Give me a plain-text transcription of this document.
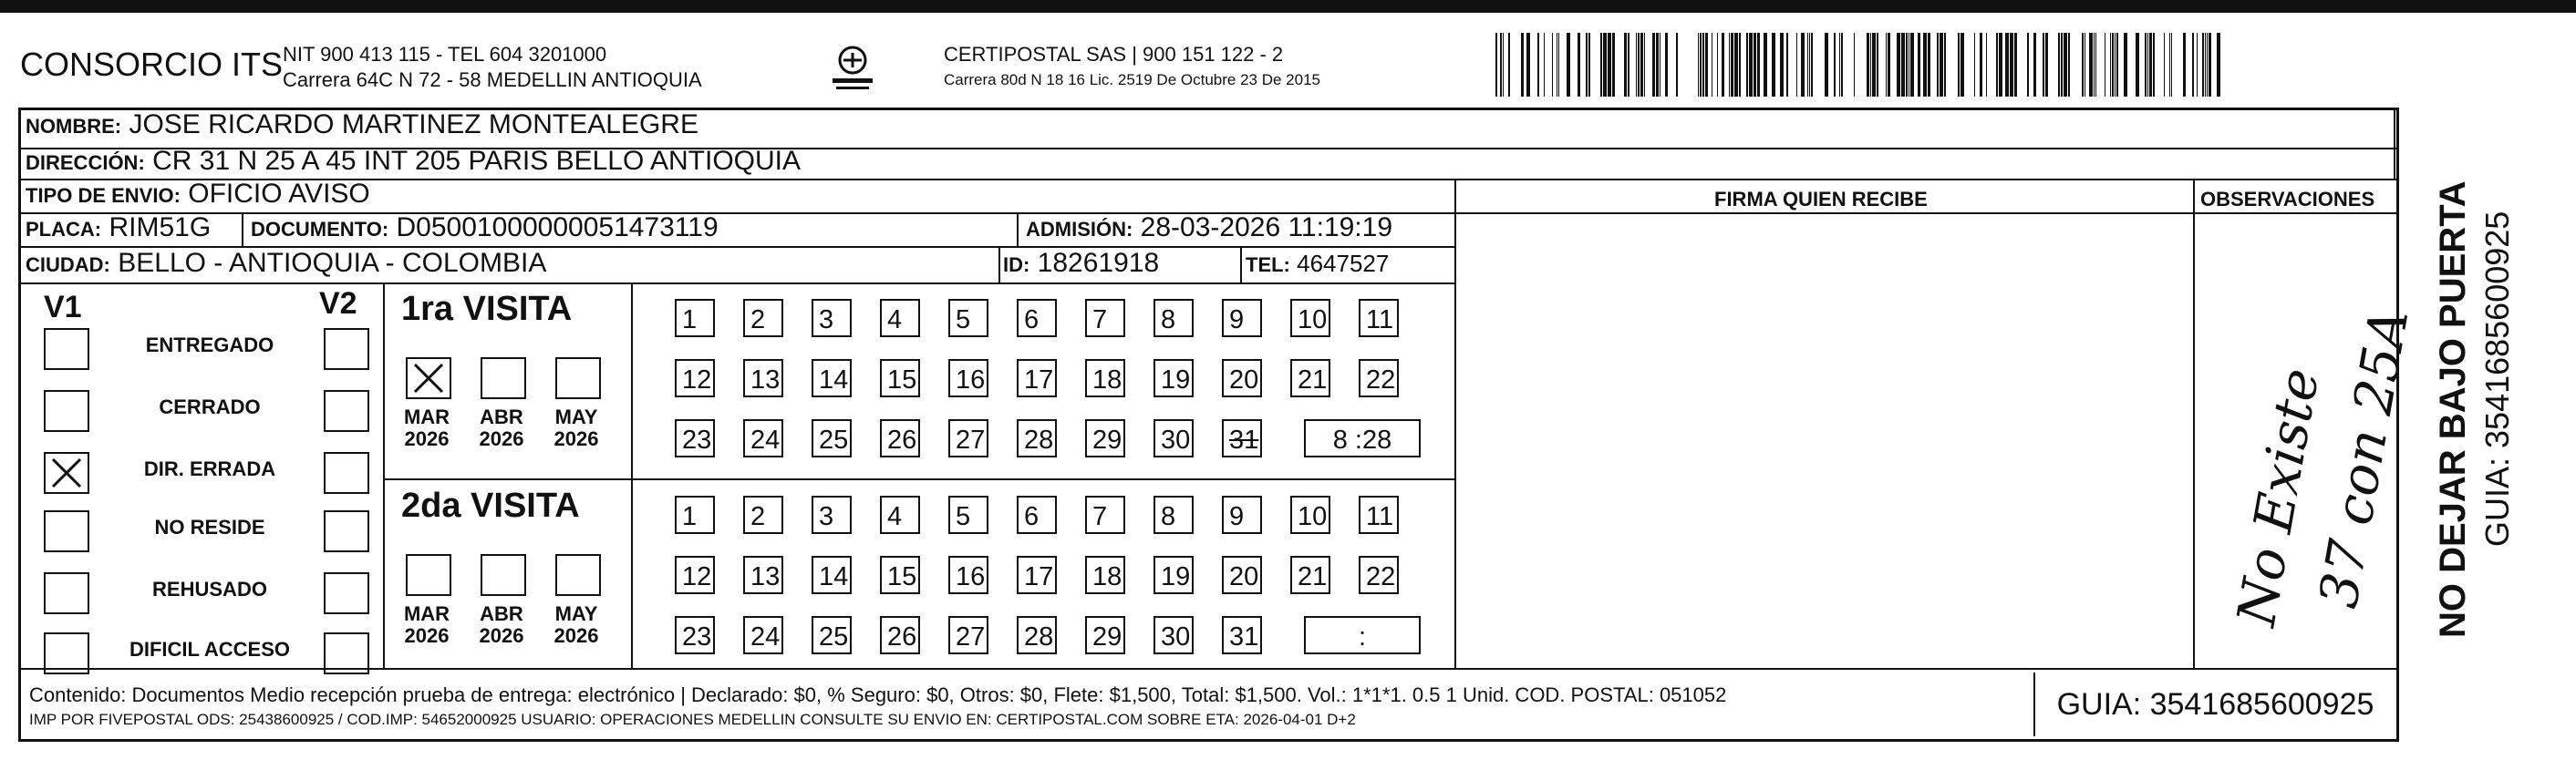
CONSORCIO ITS NIT 900 413 115 - TEL 604 3201000
Carrera 64C N 72 - 58 MEDELLIN ANTIOQUIA
CERTIPOSTAL SAS | 900 151 122 - 2
Carrera 80d N 18 16 Lic. 2519 De Octubre 23 De 2015
NOMBRE: JOSE RICARDO MARTINEZ MONTEALEGRE
DIRECCIÓN: CR 31 N 25 A 45 INT 205 PARIS BELLO ANTIOQUIA
TIPO DE ENVIO: OFICIO AVISO
PLACA: RIM51G DOCUMENTO: D05001000000051473119	ADMISIÓN: 28-03-2026 11:19:19
CIUDAD: BELLO - ANTIOQUIA - COLOMBIA	ID: 18261918	TEL: 4647527
FIRMA QUIEN RECIBE	OBSERVACIONES
V1	V2
ENTREGADO
CERRADO
DIR. ERRADA
NO RESIDE
REHUSADO
DIFICIL ACCESO
1ra VISITA
MAR
2026
ABR
2026
MAY
2026
1	2	3	4	5	6	7	8	9	10 11
12 13 14 15 16 17 18 19 20 21 22
23 24 25 26 27 28 29 30 31	8 :28
2da VISITA
MAR
2026
ABR
2026
MAY
2026
1	2	3	4	5	6	7	8	9	10 11
12 13 14 15 16 17 18 19 20 21 22
23 24 25 26 27 28 29 30 31	:
No Existe
37 con 25A
Contenido: Documentos Medio recepción prueba de entrega: electrónico | Declarado: $0, % Seguro: $0, Otros: $0, Flete: $1,500, Total: $1,500. Vol.: 1*1*1. 0.5 1 Unid. COD. POSTAL: 051052
IMP POR FIVEPOSTAL ODS: 25438600925 / COD.IMP: 54652000925 USUARIO: OPERACIONES MEDELLIN CONSULTE SU ENVIO EN: CERTIPOSTAL.COM SOBRE ETA: 2026-04-01 D+2	GUIA: 3541685600925
NO DEJAR BAJO PUERTA GUIA: 3541685600925
